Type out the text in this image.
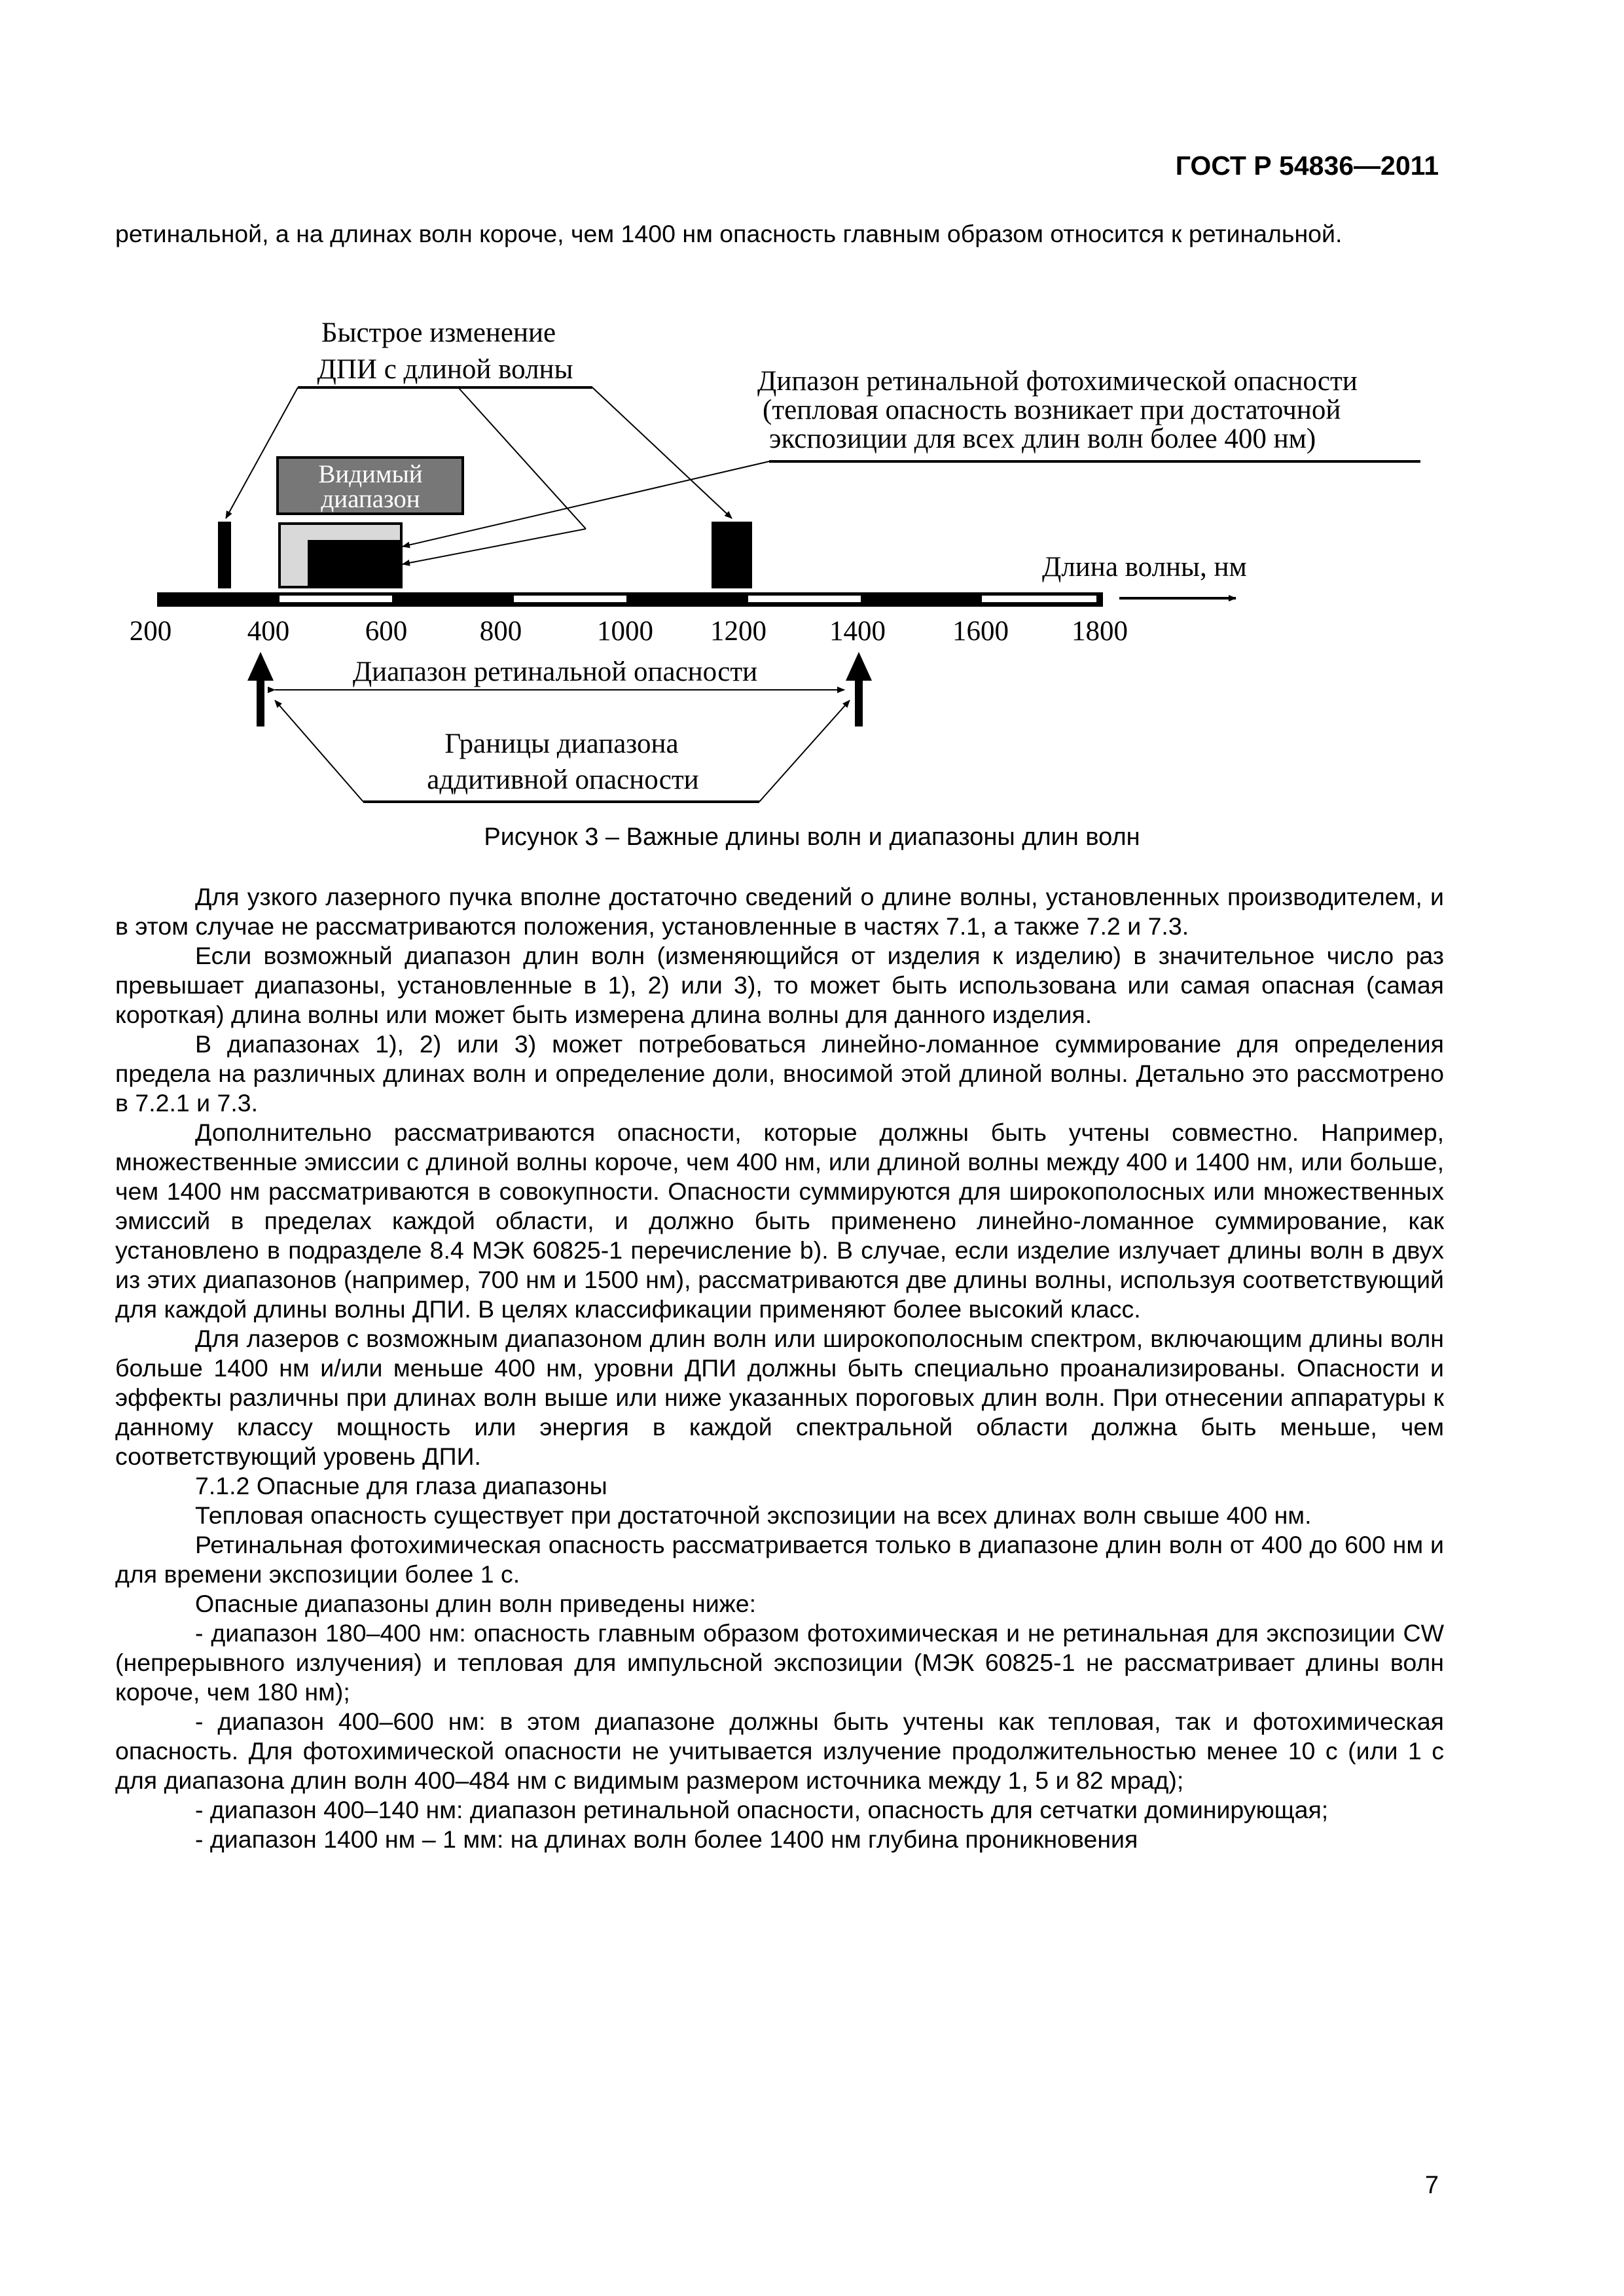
ГОСТ Р 54836—2011

ретинальной, а на длинах волн короче, чем 1400 нм опасность главным образом относится к ретинальной.

Быстрое изменение
ДПИ с длиной волны	Дипазон ретинальной фотохимической опасности
(тепловая опасность возникает при достаточной
экспозиции для всех длин волн более 400 нм)
Видимый
диапазон
Длина волны, нм
200	400	600	800	1000 1200 1400 1600 1800
Диапазон ретинальной опасности
Границы диапазона
аддитивной опасности
Рисунок 3 – Важные длины волн и диапазоны длин волн

Для узкого лазерного пучка вполне достаточно сведений о длине волны, установленных производителем, и в этом случае не рассматриваются положения, установленные в частях 7.1, а также 7.2 и 7.3.

Если возможный диапазон длин волн (изменяющийся от изделия к изделию) в значительное число раз превышает диапазоны, установленные в 1), 2) или 3), то может быть использована или самая опасная (самая короткая) длина волны или может быть измерена длина волны для данного изделия.

В диапазонах 1), 2) или 3) может потребоваться линейно-ломанное суммирование для определения предела на различных длинах волн и определение доли, вносимой этой длиной волны. Детально это рассмотрено в 7.2.1 и 7.3.

Дополнительно рассматриваются опасности, которые должны быть учтены совместно. Например, множественные эмиссии с длиной волны короче, чем 400 нм, или длиной волны между 400 и 1400 нм, или больше, чем 1400 нм рассматриваются в совокупности. Опасности суммируются для широкополосных или множественных эмиссий в пределах каждой области, и должно быть применено линейно-ломанное суммирование, как установлено в подразделе 8.4 МЭК 60825-1 перечисление b). В случае, если изделие излучает длины волн в двух из этих диапазонов (например, 700 нм и 1500 нм), рассматриваются две длины волны, используя соответствующий для каждой длины волны ДПИ. В целях классификации применяют более высокий класс.

Для лазеров с возможным диапазоном длин волн или широкополосным спектром, включающим длины волн больше 1400 нм и/или меньше 400 нм, уровни ДПИ должны быть специально проанализированы. Опасности и эффекты различны при длинах волн выше или ниже указанных пороговых длин волн. При отнесении аппаратуры к данному классу мощность или энергия в каждой спектральной области должна быть меньше, чем соответствующий уровень ДПИ.

7.1.2 Опасные для глаза диапазоны

Тепловая опасность существует при достаточной экспозиции на всех длинах волн свыше 400 нм.

Ретинальная фотохимическая опасность рассматривается только в диапазоне длин волн от 400 до 600 нм и для времени экспозиции более 1 с.

Опасные диапазоны длин волн приведены ниже:

- диапазон 180–400 нм: опасность главным образом фотохимическая и не ретинальная для экспозиции CW (непрерывного излучения) и тепловая для импульсной экспозиции (МЭК 60825-1 не рассматривает длины волн короче, чем 180 нм);

- диапазон 400–600 нм: в этом диапазоне должны быть учтены как тепловая, так и фотохимическая опасность. Для фотохимической опасности не учитывается излучение продолжительностью менее 10 с (или 1 с для диапазона длин волн 400–484 нм с видимым размером источника между 1, 5 и 82 мрад);

- диапазон 400–140 нм: диапазон ретинальной опасности, опасность для сетчатки доминирующая;

- диапазон 1400 нм – 1 мм: на длинах волн более 1400 нм глубина проникновения

7
